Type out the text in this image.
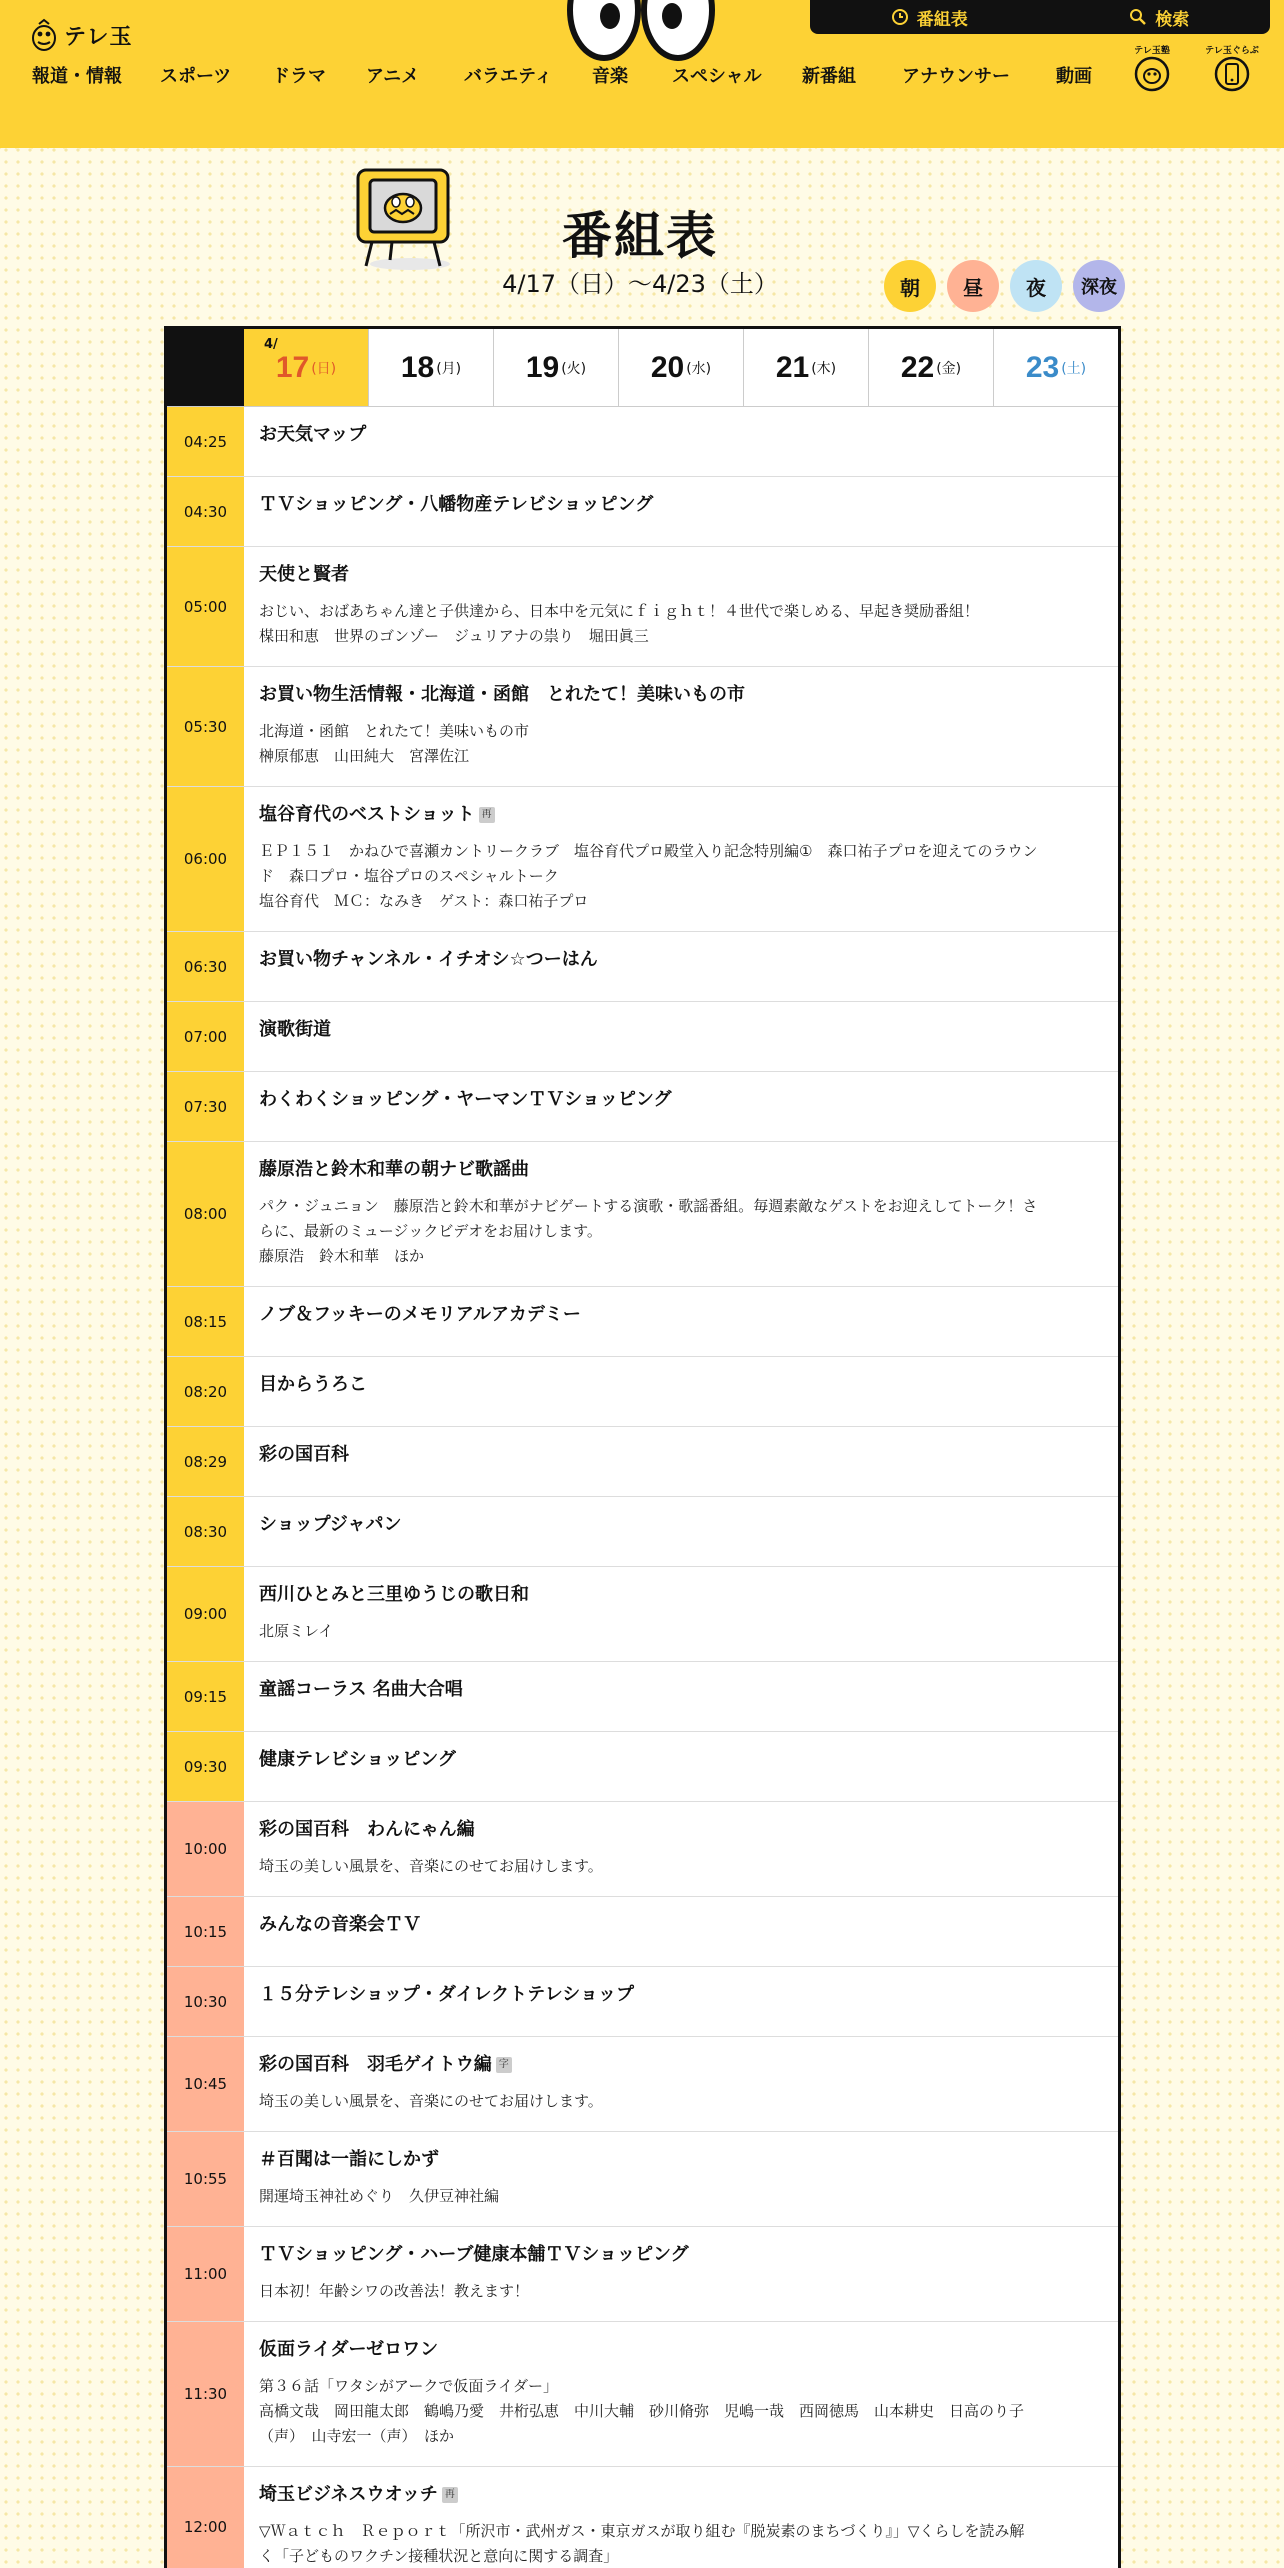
テレ玉
番組表	検索
報道・情報 スポーツ ドラマ アニメ バラエティ 音楽 スペシャル 新番組	アナウンサー	動画
テレ玉塾	テレ玉ぐらぶ
番組表
4/17（日）〜4/23（土）	朝	昼	夜	深夜
4/
17 (日) 18 (月) 19 (火) 20 (水) 21 (木) 22 (金) 23 (土)
04:25	お天気マップ
04:30	ＴＶショッピング・八幡物産テレビショッピング
05:00
天使と賢者
おじい、おばあちゃん達と子供達から、日本中を元気にｆｉｇｈｔ！４世代で楽しめる、早起き奨励番組！
楳田和恵　世界のゴンゾー　ジュリアナの祟り　堀田眞三
05:30
お買い物生活情報・北海道・函館　とれたて！美味いもの市
北海道・函館　とれたて！美味いもの市
榊原郁恵　山田純大　宮澤佐江
06:00
塩谷育代のベストショット 再
ＥＰ１５１　かねひで喜瀬カントリークラブ　塩谷育代プロ殿堂入り記念特別編①　森口祐子プロを迎えてのラウン
ド　森口プロ・塩谷プロのスペシャルトーク
塩谷育代　ＭＣ：なみき　ゲスト：森口祐子プロ
06:30	お買い物チャンネル・イチオシ☆つーはん
07:00	演歌街道
07:30	わくわくショッピング・ヤーマンＴＶショッピング
08:00
藤原浩と鈴木和華の朝ナビ歌謡曲
パク・ジュニョン　藤原浩と鈴木和華がナビゲートする演歌・歌謡番組。毎週素敵なゲストをお迎えしてトーク！さ
らに、最新のミュージックビデオをお届けします。
藤原浩　鈴木和華　ほか
08:15	ノブ＆フッキーのメモリアルアカデミー
08:20	目からうろこ
08:29	彩の国百科
08:30	ショップジャパン
09:00
西川ひとみと三里ゆうじの歌日和
北原ミレイ
09:15	童謡コーラス 名曲大合唱
09:30	健康テレビショッピング
10:00
彩の国百科　わんにゃん編
埼玉の美しい風景を、音楽にのせてお届けします。
10:15	みんなの音楽会ＴＶ
10:30	１５分テレショップ・ダイレクトテレショップ
10:45
彩の国百科　羽毛ゲイトウ編 字
埼玉の美しい風景を、音楽にのせてお届けします。
10:55
＃百聞は一詣にしかず
開運埼玉神社めぐり　久伊豆神社編
11:00
ＴＶショッピング・ハーブ健康本舗ＴＶショッピング
日本初！年齢シワの改善法！教えます！
11:30
仮面ライダーゼロワン
第３６話「ワタシがアークで仮面ライダー」
高橋文哉　岡田龍太郎　鶴嶋乃愛　井桁弘恵　中川大輔　砂川脩弥　児嶋一哉　西岡徳馬　山本耕史　日高のり子
（声）　山寺宏一（声）　ほか
12:00
埼玉ビジネスウオッチ 再
▽Ｗａｔｃｈ　Ｒｅｐｏｒｔ「所沢市・武州ガス・東京ガスが取り組む『脱炭素のまちづくり』」▽くらしを読み解
く「子どものワクチン接種状況と意向に関する調査」
